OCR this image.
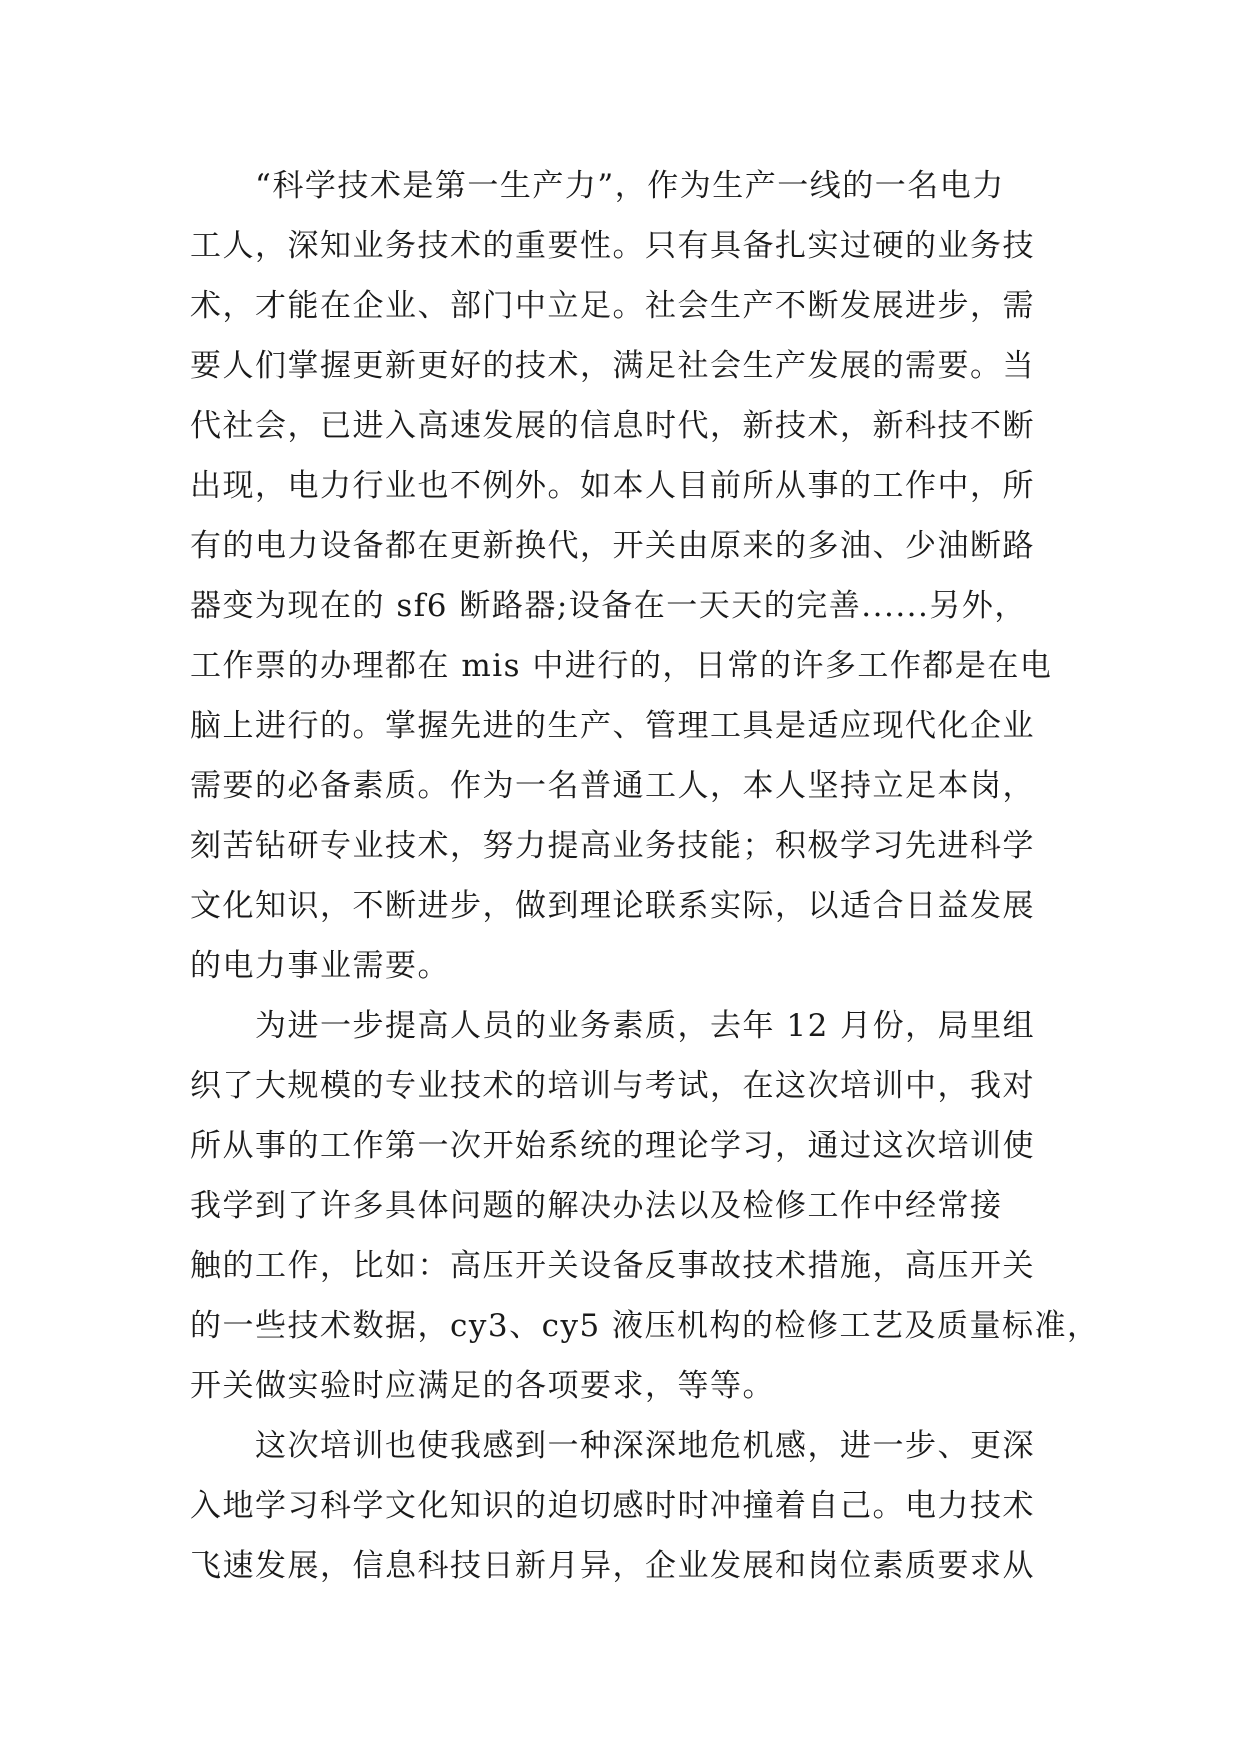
　　“科学技术是第一生产力”，作为生产一线的一名电力
工人，深知业务技术的重要性。只有具备扎实过硬的业务技
术，才能在企业、部门中立足。社会生产不断发展进步，需
要人们掌握更新更好的技术，满足社会生产发展的需要。当
代社会，已进入高速发展的信息时代，新技术，新科技不断
出现，电力行业也不例外。如本人目前所从事的工作中，所
有的电力设备都在更新换代，开关由原来的多油、少油断路
器变为现在的 sf6 断路器;设备在一天天的完善......另外，
工作票的办理都在 mis 中进行的，日常的许多工作都是在电
脑上进行的。掌握先进的生产、管理工具是适应现代化企业
需要的必备素质。作为一名普通工人，本人坚持立足本岗，
刻苦钻研专业技术，努力提高业务技能；积极学习先进科学
文化知识，不断进步，做到理论联系实际，以适合日益发展
的电力事业需要。
　　为进一步提高人员的业务素质，去年 12 月份，局里组
织了大规模的专业技术的培训与考试，在这次培训中，我对
所从事的工作第一次开始系统的理论学习，通过这次培训使
我学到了许多具体问题的解决办法以及检修工作中经常接
触的工作，比如：高压开关设备反事故技术措施，高压开关
的一些技术数据，cy3、cy5 液压机构的检修工艺及质量标准，
开关做实验时应满足的各项要求，等等。
　　这次培训也使我感到一种深深地危机感，进一步、更深
入地学习科学文化知识的迫切感时时冲撞着自己。电力技术
飞速发展，信息科技日新月异，企业发展和岗位素质要求从
